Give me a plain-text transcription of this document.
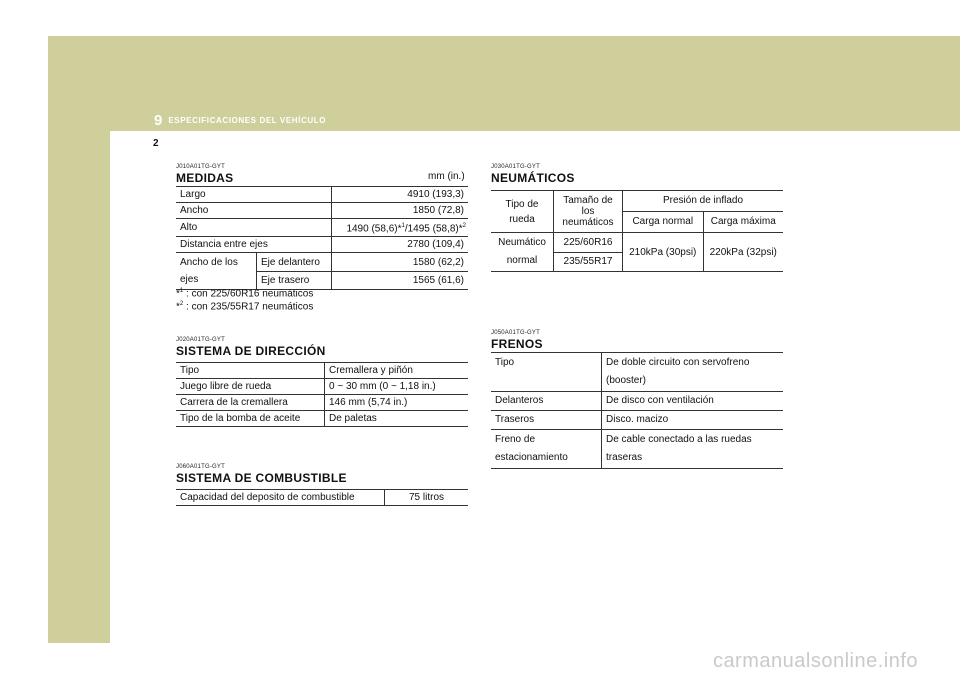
9 ESPECIFICACIONES DEL VEHÍCULO
2
J010A01TG-GYT
MEDIDAS	mm (in.)
Largo		4910 (193,3)
Ancho		1850 (72,8)
Alto		1490 (58,6)*$^1$/1495 (58,8)*$^2$
Distancia entre ejes		2780 (109,4)
Ancho de los ejes	Eje delantero	1580 (62,2)
	Eje trasero	1565 (61,6)
*$^1$ : con 225/60R16 neumáticos
*$^2$ : con 235/55R17 neumáticos
J020A01TG-GYT
SISTEMA DE DIRECCIÓN
Tipo	Cremallera y piñón
Juego libre de rueda	0 ~ 30 mm (0 ~ 1,18 in.)
Carrera de la cremallera	146 mm (5,74 in.)
Tipo de la bomba de aceite	De paletas
J060A01TG-GYT
SISTEMA DE COMBUSTIBLE
Capacidad del deposito de combustible	75 litros
J030A01TG-GYT
NEUMÁTICOS
Tipo de rueda	Tamaño de los neumáticos	Presión de inflado	
		Carga normal	Carga máxima
Neumático normal	225/60R16	210kPa (30psi)	220kPa (32psi)
	235/55R17		
J050A01TG-GYT
FRENOS
Tipo	De doble circuito con servofreno (booster)
Delanteros	De disco con ventilación
Traseros	Disco. macizo
Freno de estacionamiento	De cable conectado a las ruedas traseras
carmanualsonline.info
